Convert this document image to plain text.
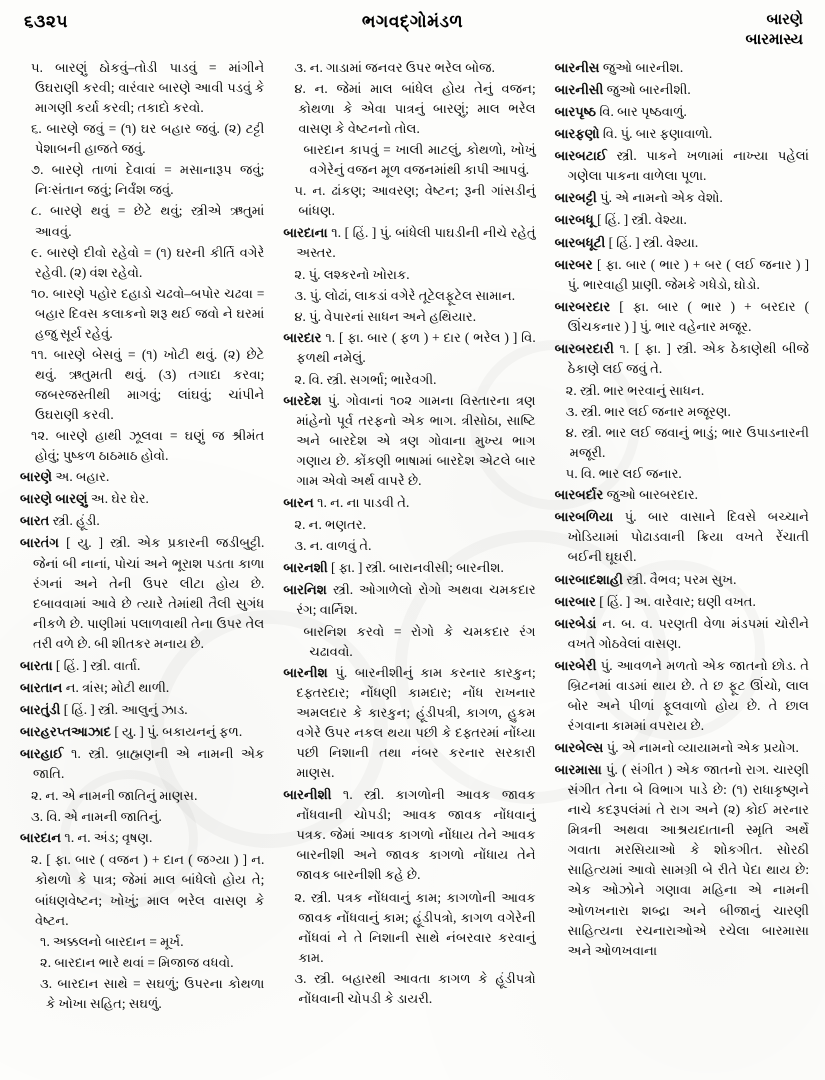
૬૩૨૫	ભગવદ્ગોમંડળ	બારણે
બારમાસ્ય

૫. બારણું ઠોકવું–તોડી પાડવું = માંગીને ઉઘરાણી કરવી; વારંવાર બારણે આવી પડવું કે માગણી કર્યા કરવી; તકાદો કરવો.

૬. બારણે જવું = (૧) ઘર બહાર જવું. (૨) ટટ્ટી પેશાબની હાજતે જવું.

૭. બારણે તાળાં દેવાવાં = મસાનારૂપ જવું; નિઃસંતાન જવું; નિર્વંશ જવું.

૮. બારણે થવું = છેટે થવું; સ્ત્રીએ ઋતુમાં આવવું.

૯. બારણે દીવો રહેવો = (૧) ઘરની કીર્તિ વગેરે રહેવી. (૨) વંશ રહેવો.

૧૦. બારણે પહોર દહાડો ચઢવો–બપોર ચઢવા = બહાર દિવસ કલાકનો શરૂ થઈ જવો ને ઘરમાં હજુ સૂર્ય રહેવું.

૧૧. બારણે બેસવું = (૧) ખોટી થવું. (૨) છેટે થવું. ઋતુમતી થવું. (૩) તગાદા કરવા; જબરજસ્તીથી માગવું; લાંઘવું; ચાંપીને ઉઘરાણી કરવી.

૧૨. બારણે હાથી ઝૂલવા = ઘણું જ શ્રીમંત હોવું; પુષ્કળ ઠાઠમાઠ હોવો.

બારણે અ. બહાર.

બારણે બારણું અ. ઘેર ઘેર.

બારત સ્ત્રી. હૂંડી.

બારતંગ [ યુ. ] સ્ત્રી. એક પ્રકારની જડીબુટ્ટી. જેનાં બી નાનાં, પોચાં અને ભૂરાશ પડતા કાળા રંગનાં અને તેની ઉપર લીટા હોય છે. દબાવવામાં આવે છે ત્યારે તેમાંથી તૈલી સુગંધ નીકળે છે. પાણીમાં પલાળવાથી તેના ઉપર તેલ તરી વળે છે. બી શીતકર મનાય છે.

બારતા [ હિં. ] સ્ત્રી. વાર્તા.

બારતાન ન. ત્રાંસ; મોટી થાળી.

બારતુંડી [ હિં. ] સ્ત્રી. આલુનું ઝાડ.

બારહરપ્તઆઝાદ [ યુ. ] પું. બકાયનનું ફળ.

બારહાઈ ૧. સ્ત્રી. બ્રાહ્મણની એ નામની એક જાતિ.

૨. ન. એ નામની જાતિનું માણસ.

૩. વિ. એ નામની જાતિનું.

બારદાન ૧. ન. અંડ; વૃષણ.

૨. [ ફા. બાર ( વજન ) + દાન ( જગ્યા ) ] ન. કોથળો કે પાત્ર; જેમાં માલ બાંધેલો હોય તે; બાંધણવેષ્ટન; ખોખું; માલ ભરેલ વાસણ કે વેષ્ટન.

૧. અક્કલનો બારદાન = મૂર્ખ.

૨. બારદાન ભારે થવાં = મિજાજ વધવો.

૩. બારદાન સાથે = સઘળું; ઉપરના કોથળા કે ખોખા સહિત; સઘળું.

૩. ન. ગાડામાં જનવર ઉપર ભરેલ બોજ.

૪. ન. જેમાં માલ બાંધેલ હોય તેનું વજન; કોથળા કે એવા પાત્રનું બારણું; માલ ભરેલ વાસણ કે વેષ્ટનનો તોલ.

બારદાન કાપવું = ખાલી માટલું, કોથળો, ખોખું વગેરેનું વજન મૂળ વજનમાંથી કાપી આપવું.

૫. ન. ઢાંકણ; આવરણ; વેષ્ટન; રૂની ગાંસડીનું બાંધણ.

બારદાના ૧. [ હિં. ] પું. બાંધેલી પાઘડીની નીચે રહેતું અસ્તર.

૨. પું. લશ્કરનો ખોરાક.

૩. પું. લોઢાં, લાકડાં વગેરે તૂટેલફૂટેલ સામાન.

૪. પું. વેપારનાં સાધન અને હથિયાર.

બારદાર ૧. [ ફા. બાર ( ફળ ) + દાર ( ભરેલ ) ] વિ. ફળથી નમેલું.

૨. વિ. સ્ત્રી. સગર્ભા; ભારેવગી.

બારદેશ પું. ગોવાનાં ૧૦૨ ગામના વિસ્તારના ત્રણ માંહેનો પૂર્વ તરફનો એક ભાગ. ત્રીસોઠા, સાષ્ટિ અને બારદેશ એ ત્રણ ગોવાના મુખ્ય ભાગ ગણાય છે. કોંકણી ભાષામાં બારદેશ એટલે બાર ગામ એવો અર્થ વાપરે છે.

બારન ૧. ન. ના પાડવી તે.

૨. ન. ભણતર.

૩. ન. વાળવું તે.

બારનશી [ ફા. ] સ્ત્રી. બારાનવીસી; બારનીશ.

બારનિશ સ્ત્રી. ઓગાળેલો રોગો અથવા ચમકદાર રંગ; વાર્નિશ.

બારનિશ કરવો = રોગો કે ચમકદાર રંગ ચઢાવવો.

બારનીશ પું. બારનીશીનું કામ કરનાર કારકુન; દફ્તરદાર; નોંધણી કામદાર; નોંધ રાખનાર અમલદાર કે કારકુન; હૂંડીપત્રી, કાગળ, હુકમ વગેરે ઉપર નકલ થયા પછી કે દફ્તરમાં નોંધ્યા પછી નિશાની તથા નંબર કરનાર સરકારી માણસ.

બારનીશી ૧. સ્ત્રી. કાગળોની આવક જાવક નોંધવાની ચોપડી; આવક જાવક નોંધવાનું પત્રક. જેમાં આવક કાગળો નોંધાય તેને આવક બારનીશી અને જાવક કાગળો નોંધાય તેને જાવક બારનીશી કહે છે.

૨. સ્ત્રી. પત્રક નોંધવાનું કામ; કાગળોની આવક જાવક નોંધવાનું કામ; હૂંડીપત્રો, કાગળ વગેરેની નોંધવાં ને તે નિશાની સાથે નંબરવાર કરવાનું કામ.

૩. સ્ત્રી. બહારથી આવતા કાગળ કે હૂંડીપત્રો નોંધવાની ચોપડી કે ડાયરી.

બારનીસ જુઓ બારનીશ.

બારનીસી જુઓ બારનીશી.

બારપૃષ્ઠ વિ. બાર પૃષ્ઠવાળું.

બારફણો વિ. પું. બાર ફણાવાળો.

બારબટાઈ સ્ત્રી. પાકને ખળામાં નાખ્યા પહેલાં ગણેલા પાકના વાળેલા પૂળા.

બારબટ્ટી પું. એ નામનો એક વેશો.

બારબધૂ [ હિં. ] સ્ત્રી. વેશ્યા.

બારબધૂટી [ હિં. ] સ્ત્રી. વેશ્યા.

બારબર [ ફા. બાર ( ભાર ) + બર ( લઈ જનાર ) ] પું. ભારવાહી પ્રાણી. જેમકે ગધેડો, ઘોડો.

બારબરદાર [ ફા. બાર ( ભાર ) + બરદાર ( ઊંચકનાર ) ] પું. ભાર વહેનાર મજૂર.

બારબરદારી ૧. [ ફા. ] સ્ત્રી. એક ઠેકાણેથી બીજે ઠેકાણે લઈ જવું તે.

૨. સ્ત્રી. ભાર ભરવાનું સાધન.

૩. સ્ત્રી. ભાર લઈ જનાર મજૂરણ.

૪. સ્ત્રી. ભાર લઈ જવાનું ભાડું; ભાર ઉપાડનારની મજૂરી.

૫. વિ. ભાર લઈ જનાર.

બારબર્દાર જુઓ બારબરદાર.

બારબળિયા પું. બાર વાસાને દિવસે બચ્ચાને ખોડિયામાં પોઢાડવાની ક્રિયા વખતે રેંચાતી બઈની ઘૂઘરી.

બારબાદશાહી સ્ત્રી. વૈભવ; પરમ સુખ.

બારબાર [ હિં. ] અ. વારેવાર; ઘણી વખત.

બારબેડાં ન. બ. વ. પરણતી વેળા મંડપમાં ચોરીને વખતે ગોઠવેલાં વાસણ.

બારબેરી પું. આવળને મળતો એક જાતનો છોડ. તે બ્રિટનમાં વાડમાં થાય છે. તે છ ફૂટ ઊંચો, લાલ બોર અને પીળાં ફૂલવાળો હોય છે. તે છાલ રંગવાના કામમાં વપરાય છે.

બારબેલ્સ પું. એ નામનો વ્યાયામનો એક પ્રયોગ.

બારમાસા પું. ( સંગીત ) એક જાતનો રાગ. ચારણી સંગીત તેના બે વિભાગ પાડે છે: (૧) રાધાકૃષ્ણને નાચે કદરૂપલંમાં તે રાગ અને (૨) કોઈ મરનાર મિત્રની અથવા આશ્રયદાતાની સ્મૃતિ અર્થે ગવાતા મરસિયાઓ કે શોકગીત. સોરઠી સાહિત્યમાં આવો સામગ્રી બે રીતે પેદા થાય છે: એક ઓઝોને ગણાવા મહિના એ નામની ઓળખનારા શબ્દ્રા અને બીજાનું ચારણી સાહિત્યના રચનારાઓએ રચેલા બારમાસા અને ઓળખવાના
